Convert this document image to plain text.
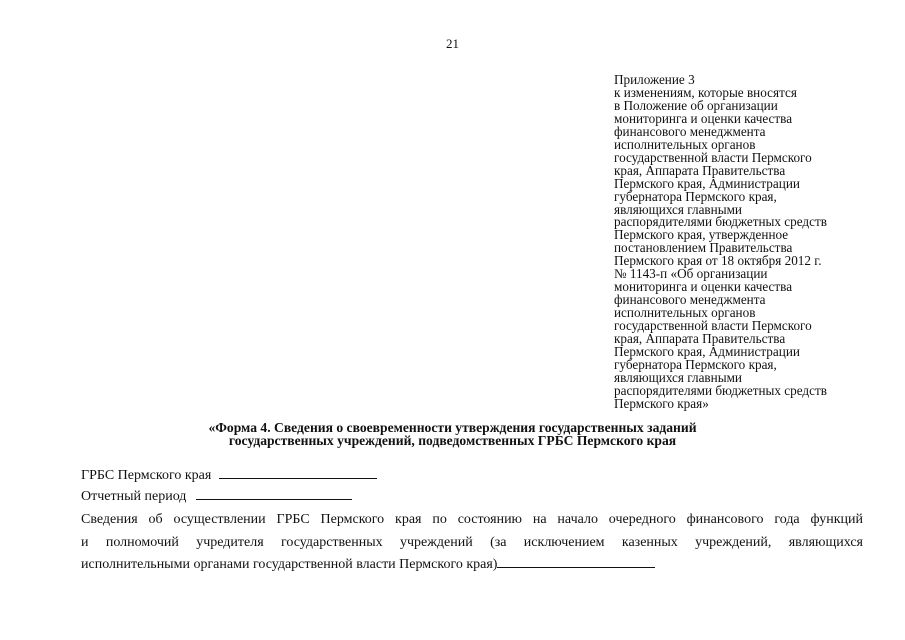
21
Приложение 3
к изменениям, которые вносятся
в Положение об организации
мониторинга и оценки качества
финансового менеджмента
исполнительных органов
государственной власти Пермского
края, Аппарата Правительства
Пермского края, Администрации
губернатора Пермского края,
являющихся главными
распорядителями бюджетных средств
Пермского края, утвержденное
постановлением Правительства
Пермского края от 18 октября 2012 г.
№ 1143-п «Об организации
мониторинга и оценки качества
финансового менеджмента
исполнительных органов
государственной власти Пермского
края, Аппарата Правительства
Пермского края, Администрации
губернатора Пермского края,
являющихся главными
распорядителями бюджетных средств
Пермского края»
«Форма 4. Сведения о своевременности утверждения государственных заданий
государственных учреждений, подведомственных ГРБС Пермского края
ГРБС Пермского края
Отчетный период
Сведения об осуществлении ГРБС Пермского края по состоянию на начало очередного финансового года функций
и полномочий учредителя государственных учреждений (за исключением казенных учреждений, являющихся
исполнительными органами государственной власти Пермского края)
